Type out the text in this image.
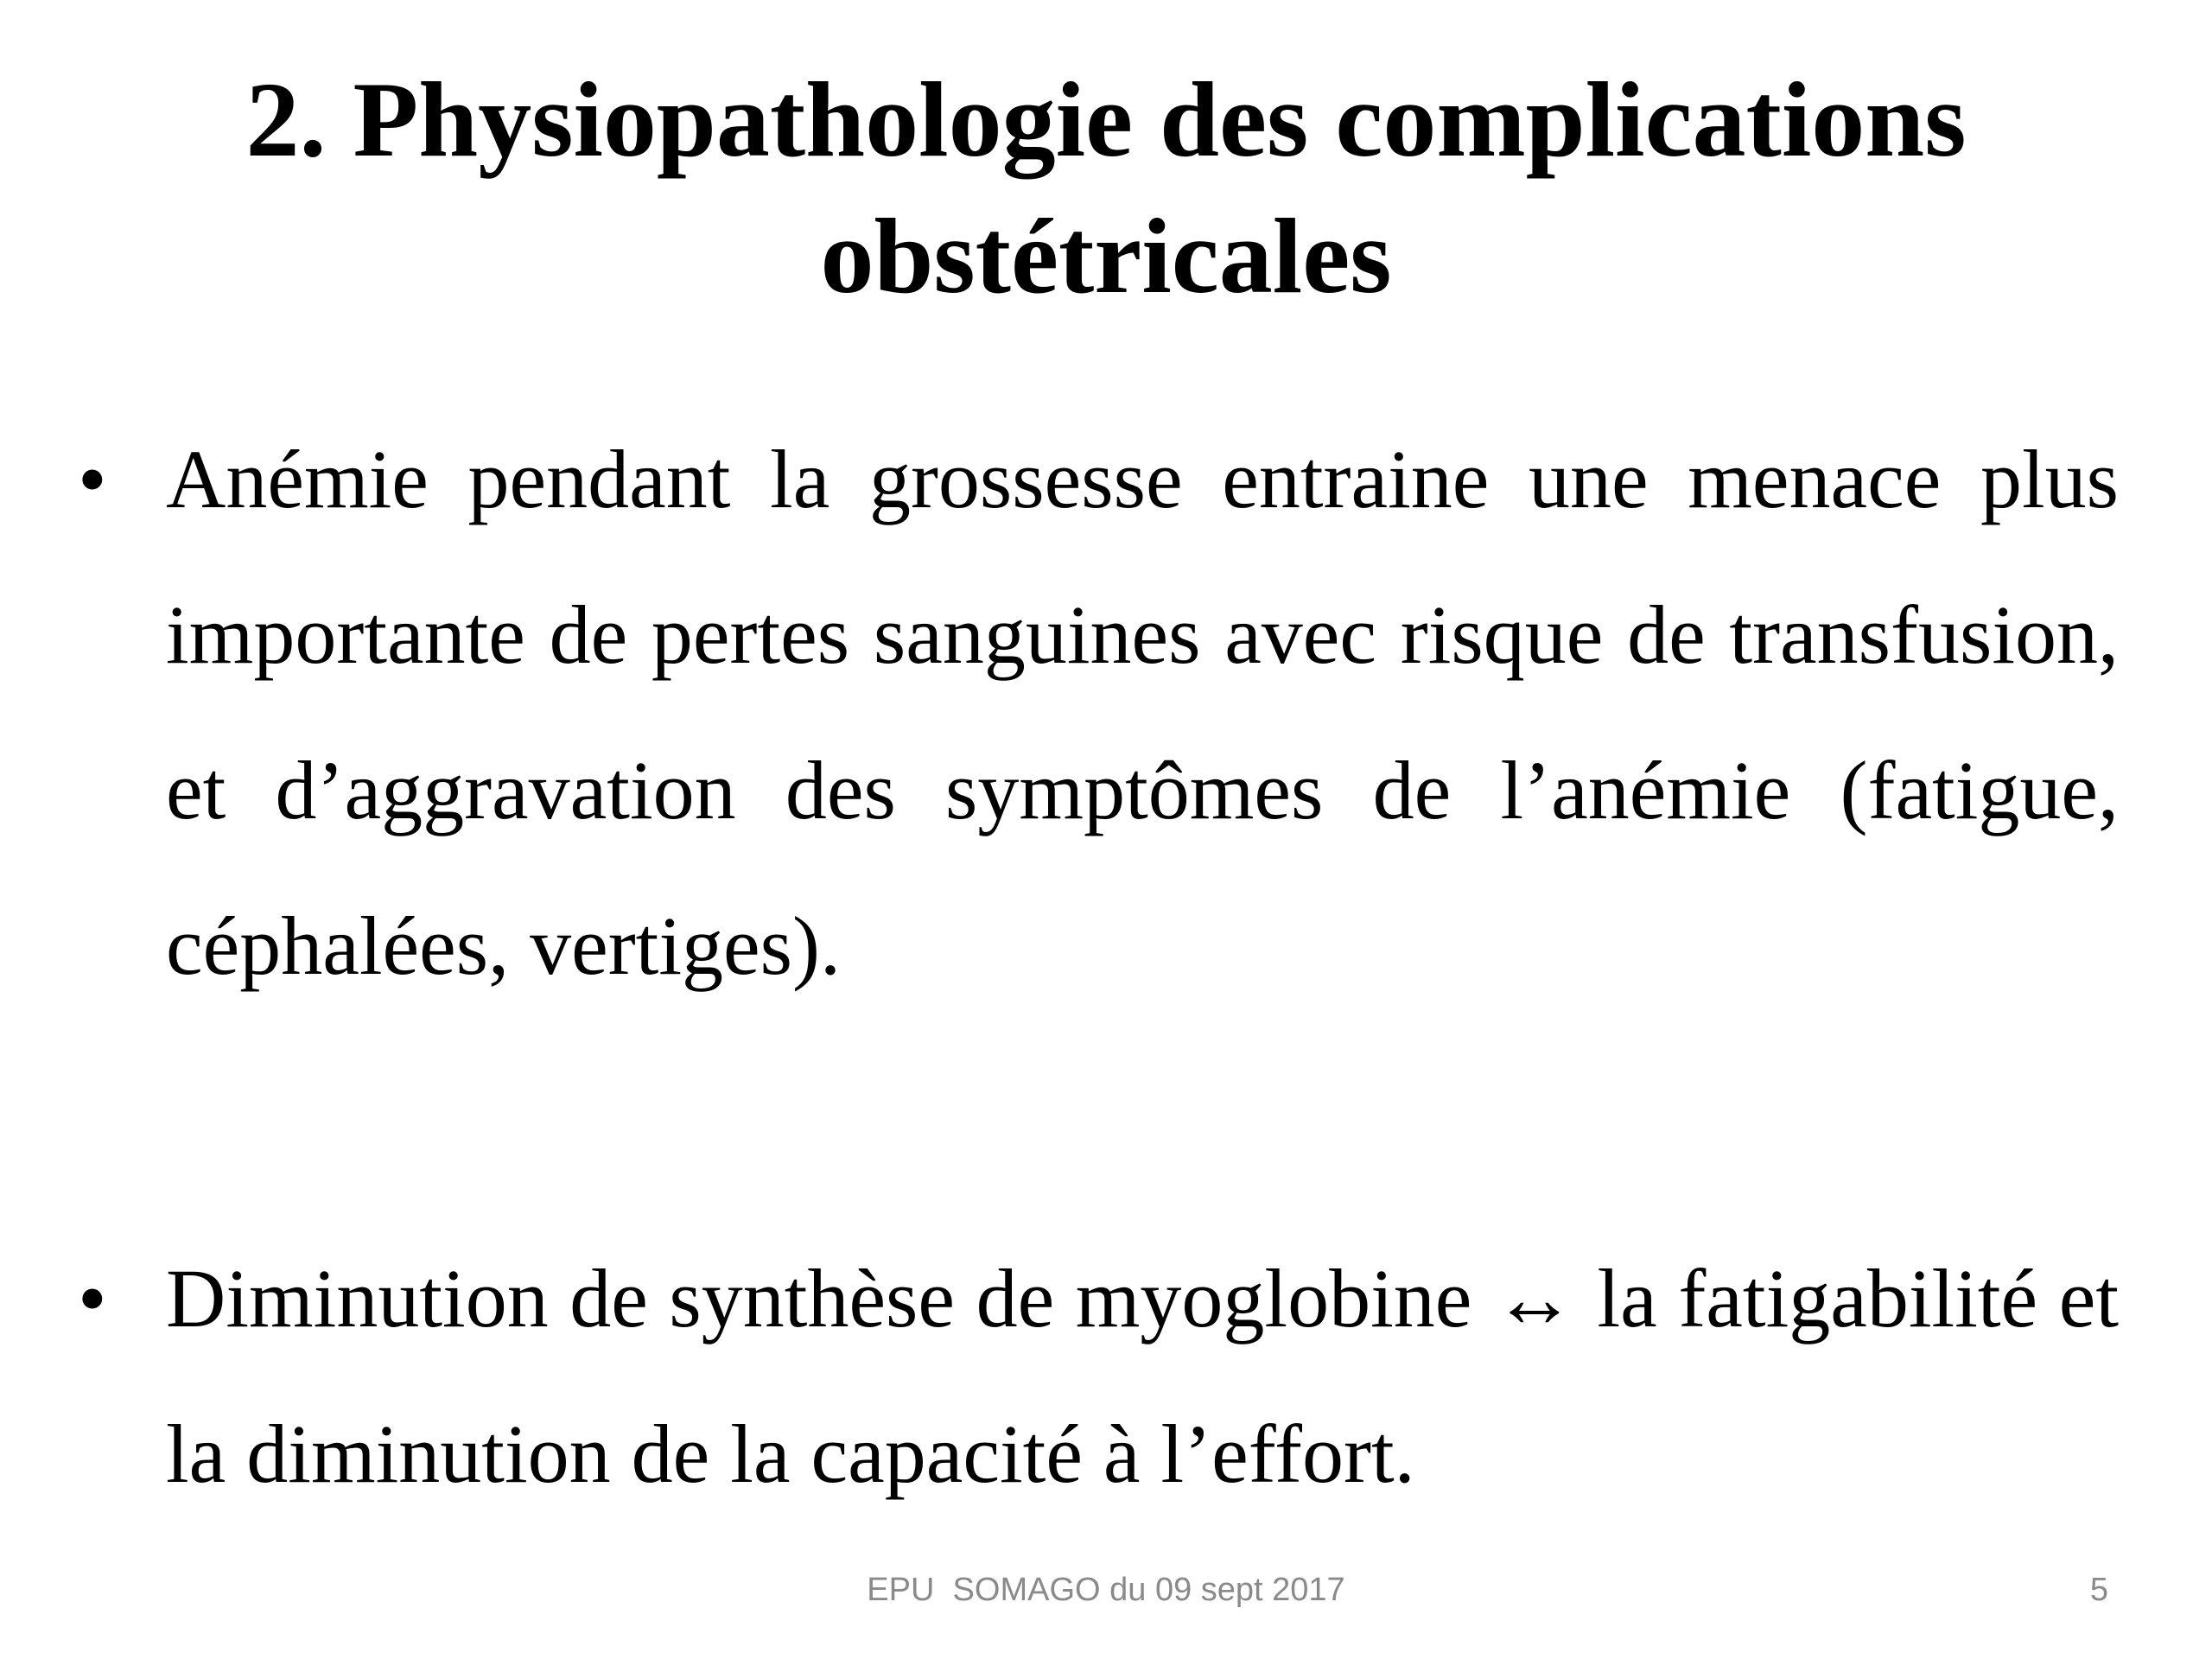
2. Physiopathologie des complications
obstétricales
• Anémie pendant la grossesse entraine une menace plus importante de pertes sanguines avec risque de transfusion, et d’aggravation des symptômes de l’anémie (fatigue, céphalées, vertiges).

• Diminution de synthèse de myoglobine ↔ la fatigabilité et la diminution de la capacité à l’effort.

EPU  SOMAGO du 09 sept 2017	5
